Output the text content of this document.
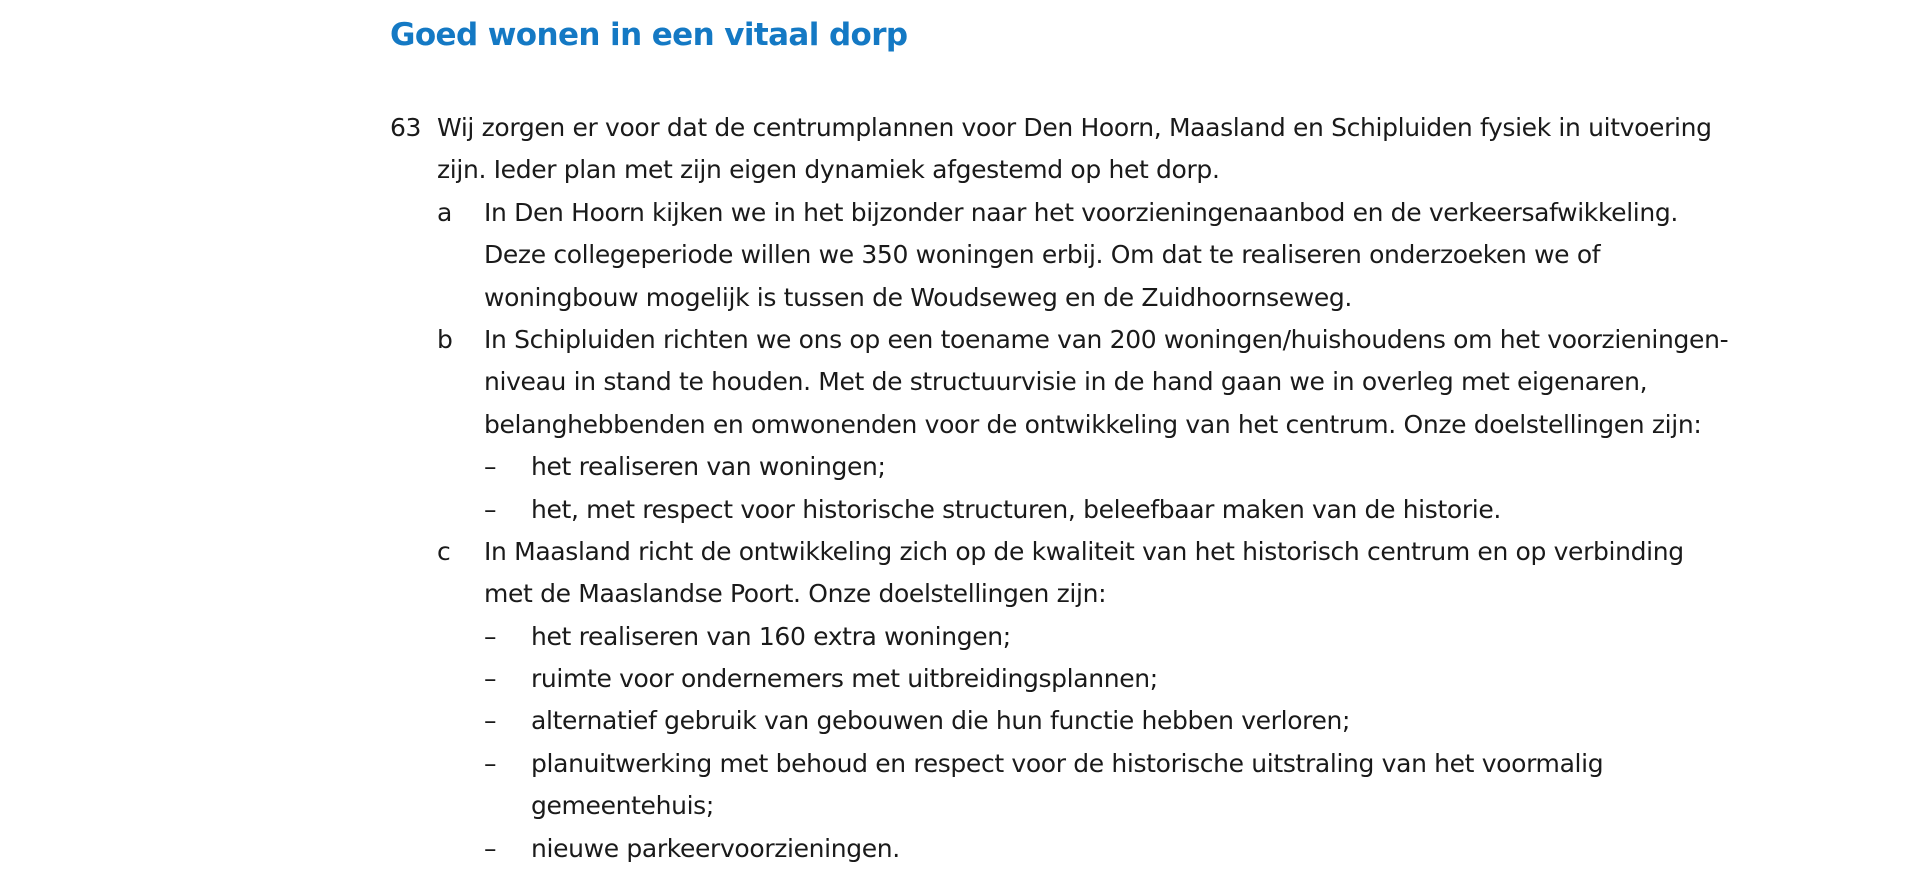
Goed wonen in een vitaal dorp
63 Wij zorgen er voor dat de centrumplannen voor Den Hoorn, Maasland en Schipluiden fysiek in uitvoering
zijn. Ieder plan met zijn eigen dynamiek afgestemd op het dorp.
a In Den Hoorn kijken we in het bijzonder naar het voorzieningenaanbod en de verkeersafwikkeling.
Deze collegeperiode willen we 350 woningen erbij. Om dat te realiseren onderzoeken we of
woningbouw mogelijk is tussen de Woudseweg en de Zuidhoornseweg.
b In Schipluiden richten we ons op een toename van 200 woningen/huishoudens om het voorzieningen-
niveau in stand te houden. Met de structuurvisie in de hand gaan we in overleg met eigenaren,
belanghebbenden en omwonenden voor de ontwikkeling van het centrum. Onze doelstellingen zijn:
– het realiseren van woningen;
– het, met respect voor historische structuren, beleefbaar maken van de historie.
c In Maasland richt de ontwikkeling zich op de kwaliteit van het historisch centrum en op verbinding
met de Maaslandse Poort. Onze doelstellingen zijn:
– het realiseren van 160 extra woningen;
– ruimte voor ondernemers met uitbreidingsplannen;
– alternatief gebruik van gebouwen die hun functie hebben verloren;
– planuitwerking met behoud en respect voor de historische uitstraling van het voormalig
gemeentehuis;
– nieuwe parkeervoorzieningen.
